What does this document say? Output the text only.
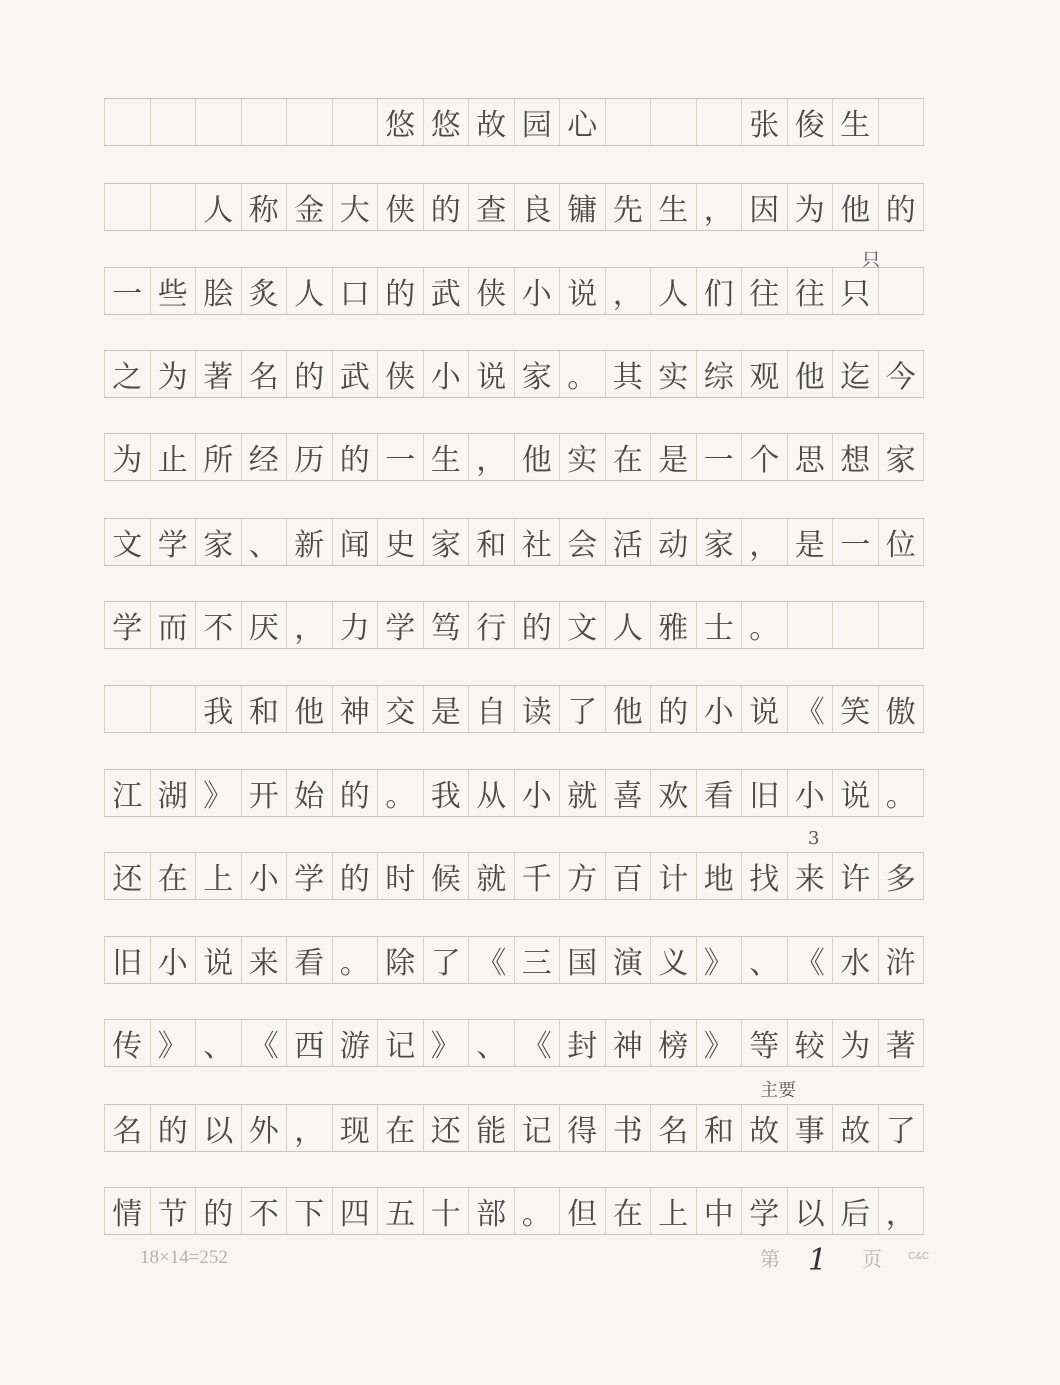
悠 悠 故 园 心	张 俊 生
人 称 金 大 侠 的 查 良 镛 先 生 ， 因 为 他 的
一 些 脍 炙 人 口 的 武 侠 小 说 ， 人 们 往 往 只
之 为 著 名 的 武 侠 小 说 家 。 其 实 综 观 他 迄 今
为 止 所 经 历 的 一 生 ， 他 实 在 是 一 个 思 想 家
文 学 家 、 新 闻 史 家 和 社 会 活 动 家 ， 是 一 位
学 而 不 厌 ， 力 学 笃 行 的 文 人 雅 士 。
我 和 他 神 交 是 自 读 了 他 的 小 说 《 笑 傲
江 湖 》 开 始 的 。 我 从 小 就 喜 欢 看 旧 小 说 。
还 在 上 小 学 的 时 候 就 千 方 百 计 地 找 来 许 多
旧 小 说 来 看 。 除 了 《 三 国 演 义 》 、 《 水 浒
传 》 、 《 西 游 记 》 、 《 封 神 榜 》 等 较 为 著
名 的 以 外 ， 现 在 还 能 记 得 书 名 和 故 事 故 了
情 节 的 不 下 四 五 十 部 。 但 在 上 中 学 以 后 ，
只
3
主要
18×14=252	第 1 页	C&C
